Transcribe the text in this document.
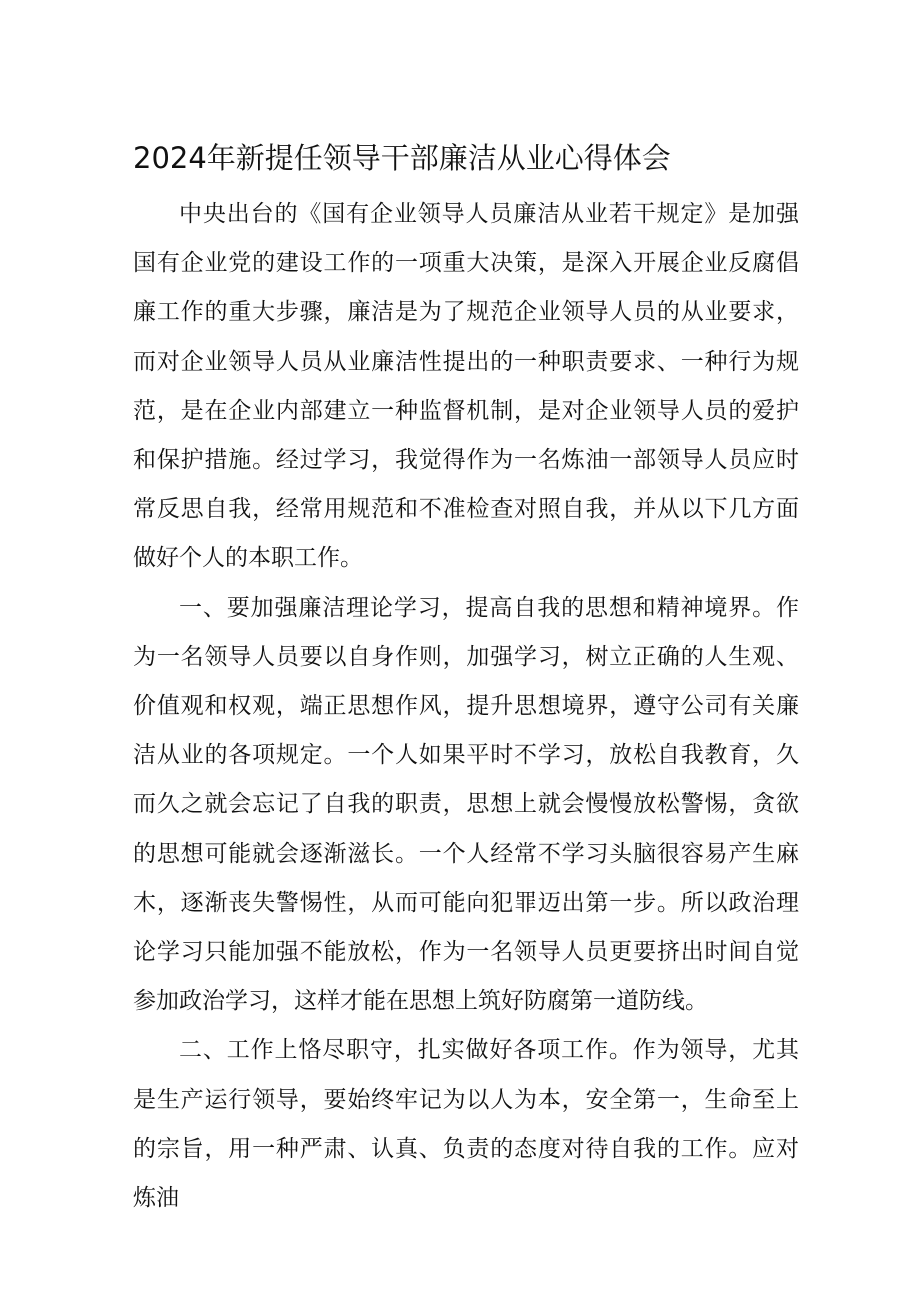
2024年新提任领导干部廉洁从业心得体会

中央出台的《国有企业领导人员廉洁从业若干规定》是加强国有企业党的建设工作的一项重大决策，是深入开展企业反腐倡廉工作的重大步骤，廉洁是为了规范企业领导人员的从业要求，而对企业领导人员从业廉洁性提出的一种职责要求、一种行为规范，是在企业内部建立一种监督机制，是对企业领导人员的爱护和保护措施。经过学习，我觉得作为一名炼油一部领导人员应时常反思自我，经常用规范和不准检查对照自我，并从以下几方面做好个人的本职工作。

一、要加强廉洁理论学习，提高自我的思想和精神境界。作为一名领导人员要以自身作则，加强学习，树立正确的人生观、价值观和权观，端正思想作风，提升思想境界，遵守公司有关廉洁从业的各项规定。一个人如果平时不学习，放松自我教育，久而久之就会忘记了自我的职责，思想上就会慢慢放松警惕，贪欲的思想可能就会逐渐滋长。一个人经常不学习头脑很容易产生麻木，逐渐丧失警惕性，从而可能向犯罪迈出第一步。所以政治理论学习只能加强不能放松，作为一名领导人员更要挤出时间自觉参加政治学习，这样才能在思想上筑好防腐第一道防线。

二、工作上恪尽职守，扎实做好各项工作。作为领导，尤其是生产运行领导，要始终牢记为以人为本，安全第一，生命至上的宗旨，用一种严肃、认真、负责的态度对待自我的工作。应对炼油
